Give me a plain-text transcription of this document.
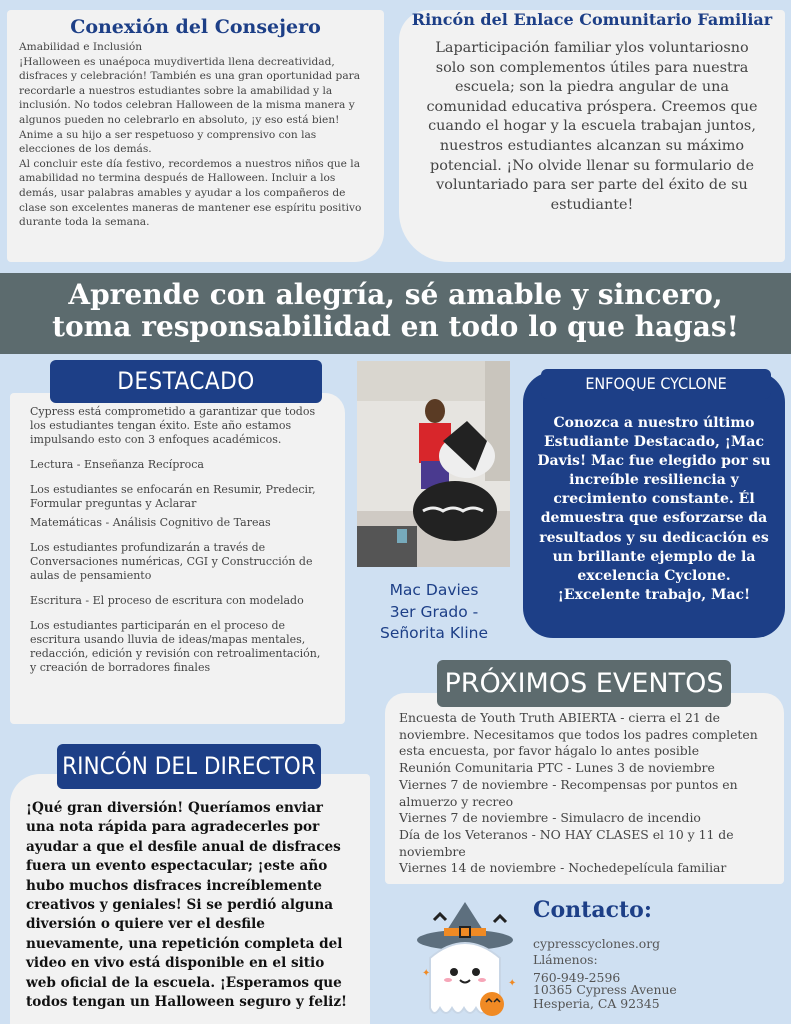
Conexión del Consejero

Amabilidad e Inclusión
¡Halloween es unaépoca muydivertida llena decreatividad,
disfraces y celebración! También es una gran oportunidad para
recordarle a nuestros estudiantes sobre la amabilidad y la
inclusión. No todos celebran Halloween de la misma manera y
algunos pueden no celebrarlo en absoluto, ¡y eso está bien!
Anime a su hijo a ser respetuoso y comprensivo con las
elecciones de los demás.
Al concluir este día festivo, recordemos a nuestros niños que la
amabilidad no termina después de Halloween. Incluir a los
demás, usar palabras amables y ayudar a los compañeros de
clase son excelentes maneras de mantener ese espíritu positivo
durante toda la semana.

Rincón del Enlace Comunitario Familiar

Laparticipación familiar ylos voluntariosno
solo son complementos útiles para nuestra
escuela; son la piedra angular de una
comunidad educativa próspera. Creemos que
cuando el hogar y la escuela trabajan juntos,
nuestros estudiantes alcanzan su máximo
potencial. ¡No olvide llenar su formulario de
voluntariado para ser parte del éxito de su
estudiante!

Aprende con alegría, sé amable y sincero,
toma responsabilidad en todo lo que hagas!
Cypress está comprometido a garantizar que todos los estudiantes tengan éxito. Este año estamos impulsando esto con 3 enfoques académicos.
Lectura - Enseñanza Recíproca
Los estudiantes se enfocarán en Resumir, Predecir, Formular preguntas y Aclarar
Matemáticas - Análisis Cognitivo de Tareas
Los estudiantes profundizarán a través de Conversaciones numéricas, CGI y Construcción de aulas de pensamiento
Escritura - El proceso de escritura con modelado
Los estudiantes participarán en el proceso de escritura usando lluvia de ideas/mapas mentales, redacción, edición y revisión con retroalimentación, y creación de borradores finales
DESTACADO
Mac Davies
3er Grado -
Señorita Kline

Conozca a nuestro último Estudiante Destacado, ¡Mac Davis! Mac fue elegido por su increíble resiliencia y crecimiento constante. Él demuestra que esforzarse da resultados y su dedicación es un brillante ejemplo de la excelencia Cyclone. ¡Excelente trabajo, Mac!

ENFOQUE CYCLONE
Encuesta de Youth Truth ABIERTA - cierra el 21 de noviembre. Necesitamos que todos los padres completen esta encuesta, por favor hágalo lo antes posible
Reunión Comunitaria PTC - Lunes 3 de noviembre
Viernes 7 de noviembre - Recompensas por puntos en almuerzo y recreo
Viernes 7 de noviembre - Simulacro de incendio
Día de los Veteranos - NO HAY CLASES el 10 y 11 de noviembre
Viernes 14 de noviembre - Nochedepelícula familiar
PRÓXIMOS EVENTOS

¡Qué gran diversión! Queríamos enviar una nota rápida para agradecerles por ayudar a que el desfile anual de disfraces fuera un evento espectacular; ¡este año hubo muchos disfraces increíblemente creativos y geniales! Si se perdió alguna diversión o quiere ver el desfile nuevamente, una repetición completa del video en vivo está disponible en el sitio web oficial de la escuela. ¡Esperamos que todos tengan un Halloween seguro y feliz!

RINCÓN DEL DIRECTOR
✦
✦
Contacto:
cypresscyclones.org
Llámenos:
760-949-2596
10365 Cypress Avenue
Hesperia, CA 92345
